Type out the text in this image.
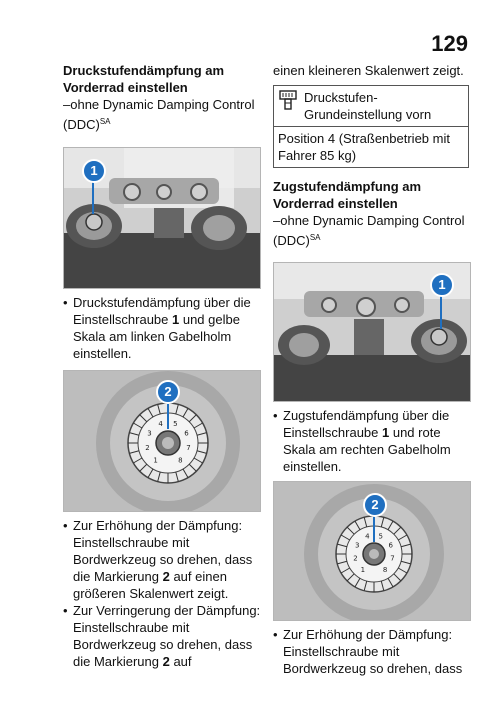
129
Druckstufendämpfung am Vorderrad einstellen

–ohne Dynamic Damping Control (DDC)$^{SA}$

1

• Druckstufendämpfung über die Einstellschraube 1 und gelbe Skala am linken Gabelholm einstellen.

1
2
3
4 5
6
7
8
2

• Zur Erhöhung der Dämpfung: Einstellschraube mit Bordwerkzeug so drehen, dass die Markierung 2 auf einen größeren Skalenwert zeigt.

• Zur Verringerung der Dämpfung: Einstellschraube mit Bordwerkzeug so drehen, dass die Markierung 2 auf

einen kleineren Skalenwert zeigt.

Druckstufen-Grundeinstellung vorn
Position 4 (Straßenbetrieb mit Fahrer 85 kg)
Zugstufendämpfung am Vorderrad einstellen

–ohne Dynamic Damping Control (DDC)$^{SA}$

1

• Zugstufendämpfung über die Einstellschraube 1 und rote Skala am rechten Gabelholm einstellen.

1
2
3
4 5
6
7
8
2

• Zur Erhöhung der Dämpfung: Einstellschraube mit Bordwerkzeug so drehen, dass
